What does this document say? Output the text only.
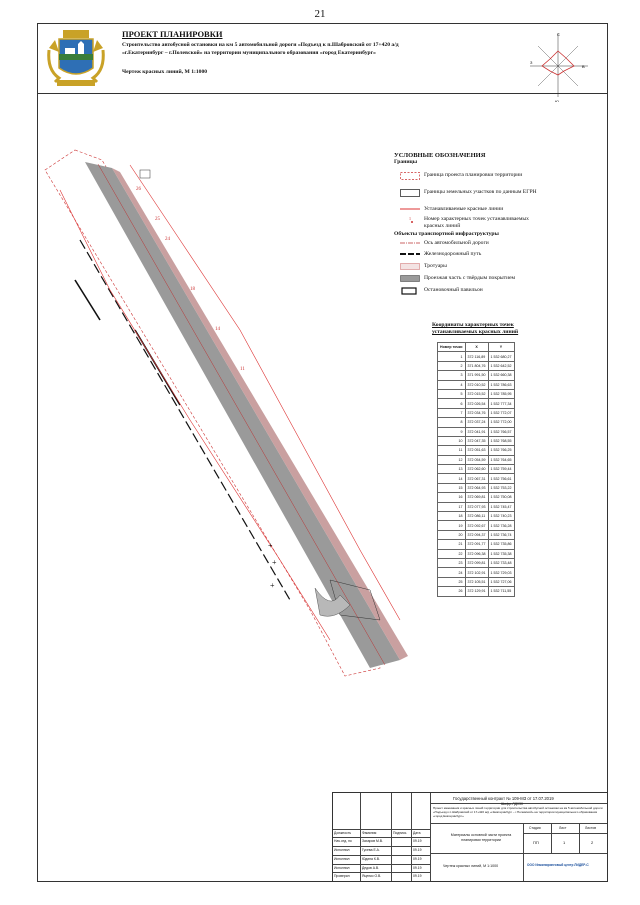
21
ПРОЕКТ ПЛАНИРОВКИ
Строительство автобусной остановки на км 5 автомобильной дороги «Подъезд к п.Шабровский от 17+420 а/д «г.Екатеринбург – г.Полевской» на территории муниципального образования «город Екатеринбург»
Чертеж красных линий, М 1:1000
С
В
Ю
З
26
24
18
14
11
25
+
+
+
УСЛОВНЫЕ ОБОЗНАЧЕНИЯ
Границы
Граница проекта планировки территории
Границы земельных участков по данным ЕГРН
Устанавливаемые красные линии
1 Номер характерных точек устанавливаемых красных линий
Объекты транспортной инфраструктуры
Ось автомобильной дороги
Железнодорожный путь
Тротуары
Проезжая часть с твёрдым покрытием
Остановочный павильон
Координаты характерных точек
устанавливаемых красных линий
Номер точки	X	Y
1	372 116,89	1 532 680,27
2	371 804,76	1 532 642,52
3	371 991,50	1 532 660,38
4	372 010,52	1 532 786,63
5	372 015,52	1 532 785,95
6	372 026,54	1 532 777,34
7	372 034,76	1 532 772,07
8	372 037,24	1 532 772,00
9	372 041,91	1 532 766,57
10	372 047,35	1 532 768,55
11	372 051,63	1 532 766,25
12	372 054,59	1 532 764,65
13	372 062,60	1 532 759,44
14	372 067,31	1 532 756,61
15	372 064,93	1 532 753,22
16	372 069,81	1 532 750,08
17	372 077,93	1 532 745,47
18	372 086,11	1 532 740,23
19	372 092,67	1 532 736,28
20	372 094,37	1 532 736,74
21	372 091,77	1 532 735,86
22	372 096,38	1 532 735,38
23	372 099,81	1 532 733,48
24	372 102,91	1 532 729,03
25	372 105,51	1 532 727,06
26	372 129,91	1 532 711,55
Государственный контракт № 109-МЗ от 17.07.2019
Шифр.ЛД030
Проект межевания и красных линий территории для строительства автобусной остановки на км 5 автомобильной дороги «Подъезд к п.Шабровский от 17+420 а/д «г.Екатеринбург – г.Полевской» на территории муниципального образования «город Екатеринбург»
Материалы основной части проекта планировки территории
Чертеж красных линий, М 1:1000
Стадия	Лист	Листов
ПП	1	2
ООО Инжиниринговый центр ЛИДЕР-С
Должность	Фамилия	Подпись Дата
Нач.отд. по	Захаров М.В.	09.19
Исполнил	Гусева Е.А.	09.19
Исполнил	Юдина К.В.	09.19
Исполнил	Дедов А.В.	09.19
Проверил	Яценко О.В.	09.19
